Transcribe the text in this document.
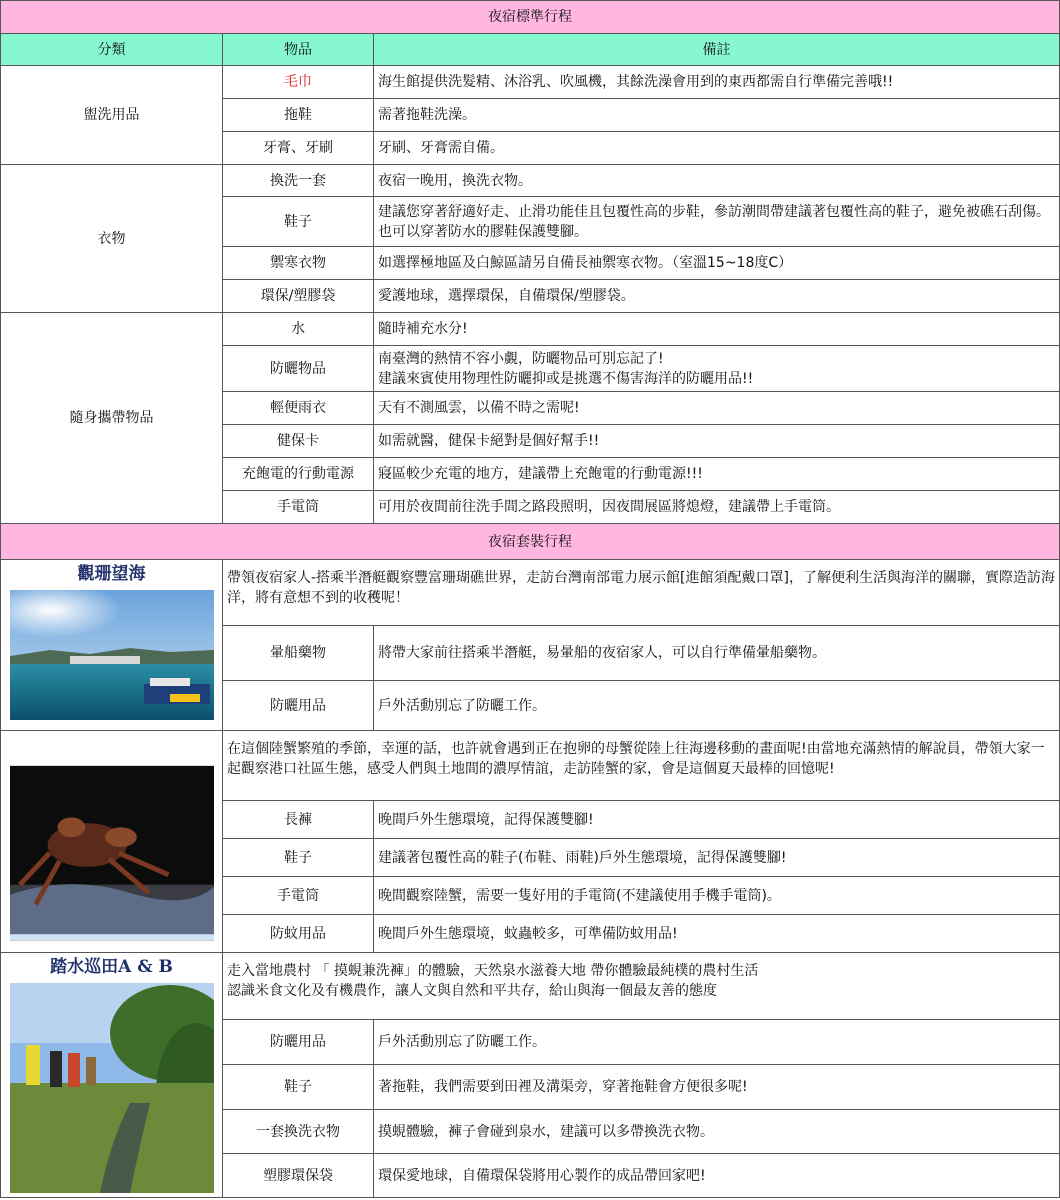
夜宿標準行程		
分類	物品	備註
盥洗用品	毛巾	海生館提供洗髮精、沐浴乳、吹風機，其餘洗澡會用到的東西都需自行準備完善哦!!
	拖鞋	需著拖鞋洗澡。
	牙膏、牙刷	牙刷、牙膏需自備。
衣物	換洗一套	夜宿一晚用，換洗衣物。
	鞋子	建議您穿著舒適好走、止滑功能佳且包覆性高的步鞋，參訪潮間帶建議著包覆性高的鞋子，避免被礁石刮傷。也可以穿著防水的膠鞋保護雙腳。
	禦寒衣物	如選擇極地區及白鯨區請另自備長袖禦寒衣物。（室溫15~18度C）
	環保/塑膠袋	愛護地球，選擇環保，自備環保/塑膠袋。
隨身攜帶物品	水	隨時補充水分!
	防曬物品	南臺灣的熱情不容小覷，防曬物品可別忘記了!
建議來賓使用物理性防曬抑或是挑選不傷害海洋的防曬用品!!

	輕便雨衣	天有不測風雲，以備不時之需呢!
	健保卡	如需就醫，健保卡絕對是個好幫手!!
	充飽電的行動電源	寢區較少充電的地方，建議帶上充飽電的行動電源!!!
	手電筒	可用於夜間前往洗手間之路段照明，因夜間展區將熄燈，建議帶上手電筒。
夜宿套裝行程		

觀珊望海	帶領夜宿家人-搭乘半潛艇觀察豐富珊瑚礁世界，走訪台灣南部電力展示館[進館須配戴口罩]，了解便利生活與海洋的關聯，實際造訪海洋，將有意想不到的收穫呢！	
	暈船藥物	將帶大家前往搭乘半潛艇，易暈船的夜宿家人，可以自行準備暈船藥物。
	防曬用品	戶外活動別忘了防曬工作。

	在這個陸蟹繁殖的季節，幸運的話，也許就會遇到正在抱卵的母蟹從陸上往海邊移動的畫面呢!由當地充滿熱情的解說員，帶領大家一起觀察港口社區生態，感受人們與土地間的濃厚情誼，走訪陸蟹的家，會是這個夏天最棒的回憶呢!	
	長褲	晚間戶外生態環境，記得保護雙腳!
	鞋子	建議著包覆性高的鞋子(布鞋、雨鞋)戶外生態環境，記得保護雙腳!
	手電筒	晚間觀察陸蟹，需要一隻好用的手電筒(不建議使用手機手電筒)。
	防蚊用品	晚間戶外生態環境，蚊蟲較多，可準備防蚊用品!

踏水巡田A & B	走入當地農村 「 摸蜆兼洗褲」的體驗，天然泉水滋養大地 帶你體驗最純樸的農村生活
認識米食文化及有機農作，讓人文與自然和平共存，給山與海一個最友善的態度	

	防曬用品	戶外活動別忘了防曬工作。
	鞋子	著拖鞋，我們需要到田裡及溝渠旁，穿著拖鞋會方便很多呢!
	一套換洗衣物	摸蜆體驗，褲子會碰到泉水，建議可以多帶換洗衣物。
	塑膠環保袋	環保愛地球，自備環保袋將用心製作的成品帶回家吧!
